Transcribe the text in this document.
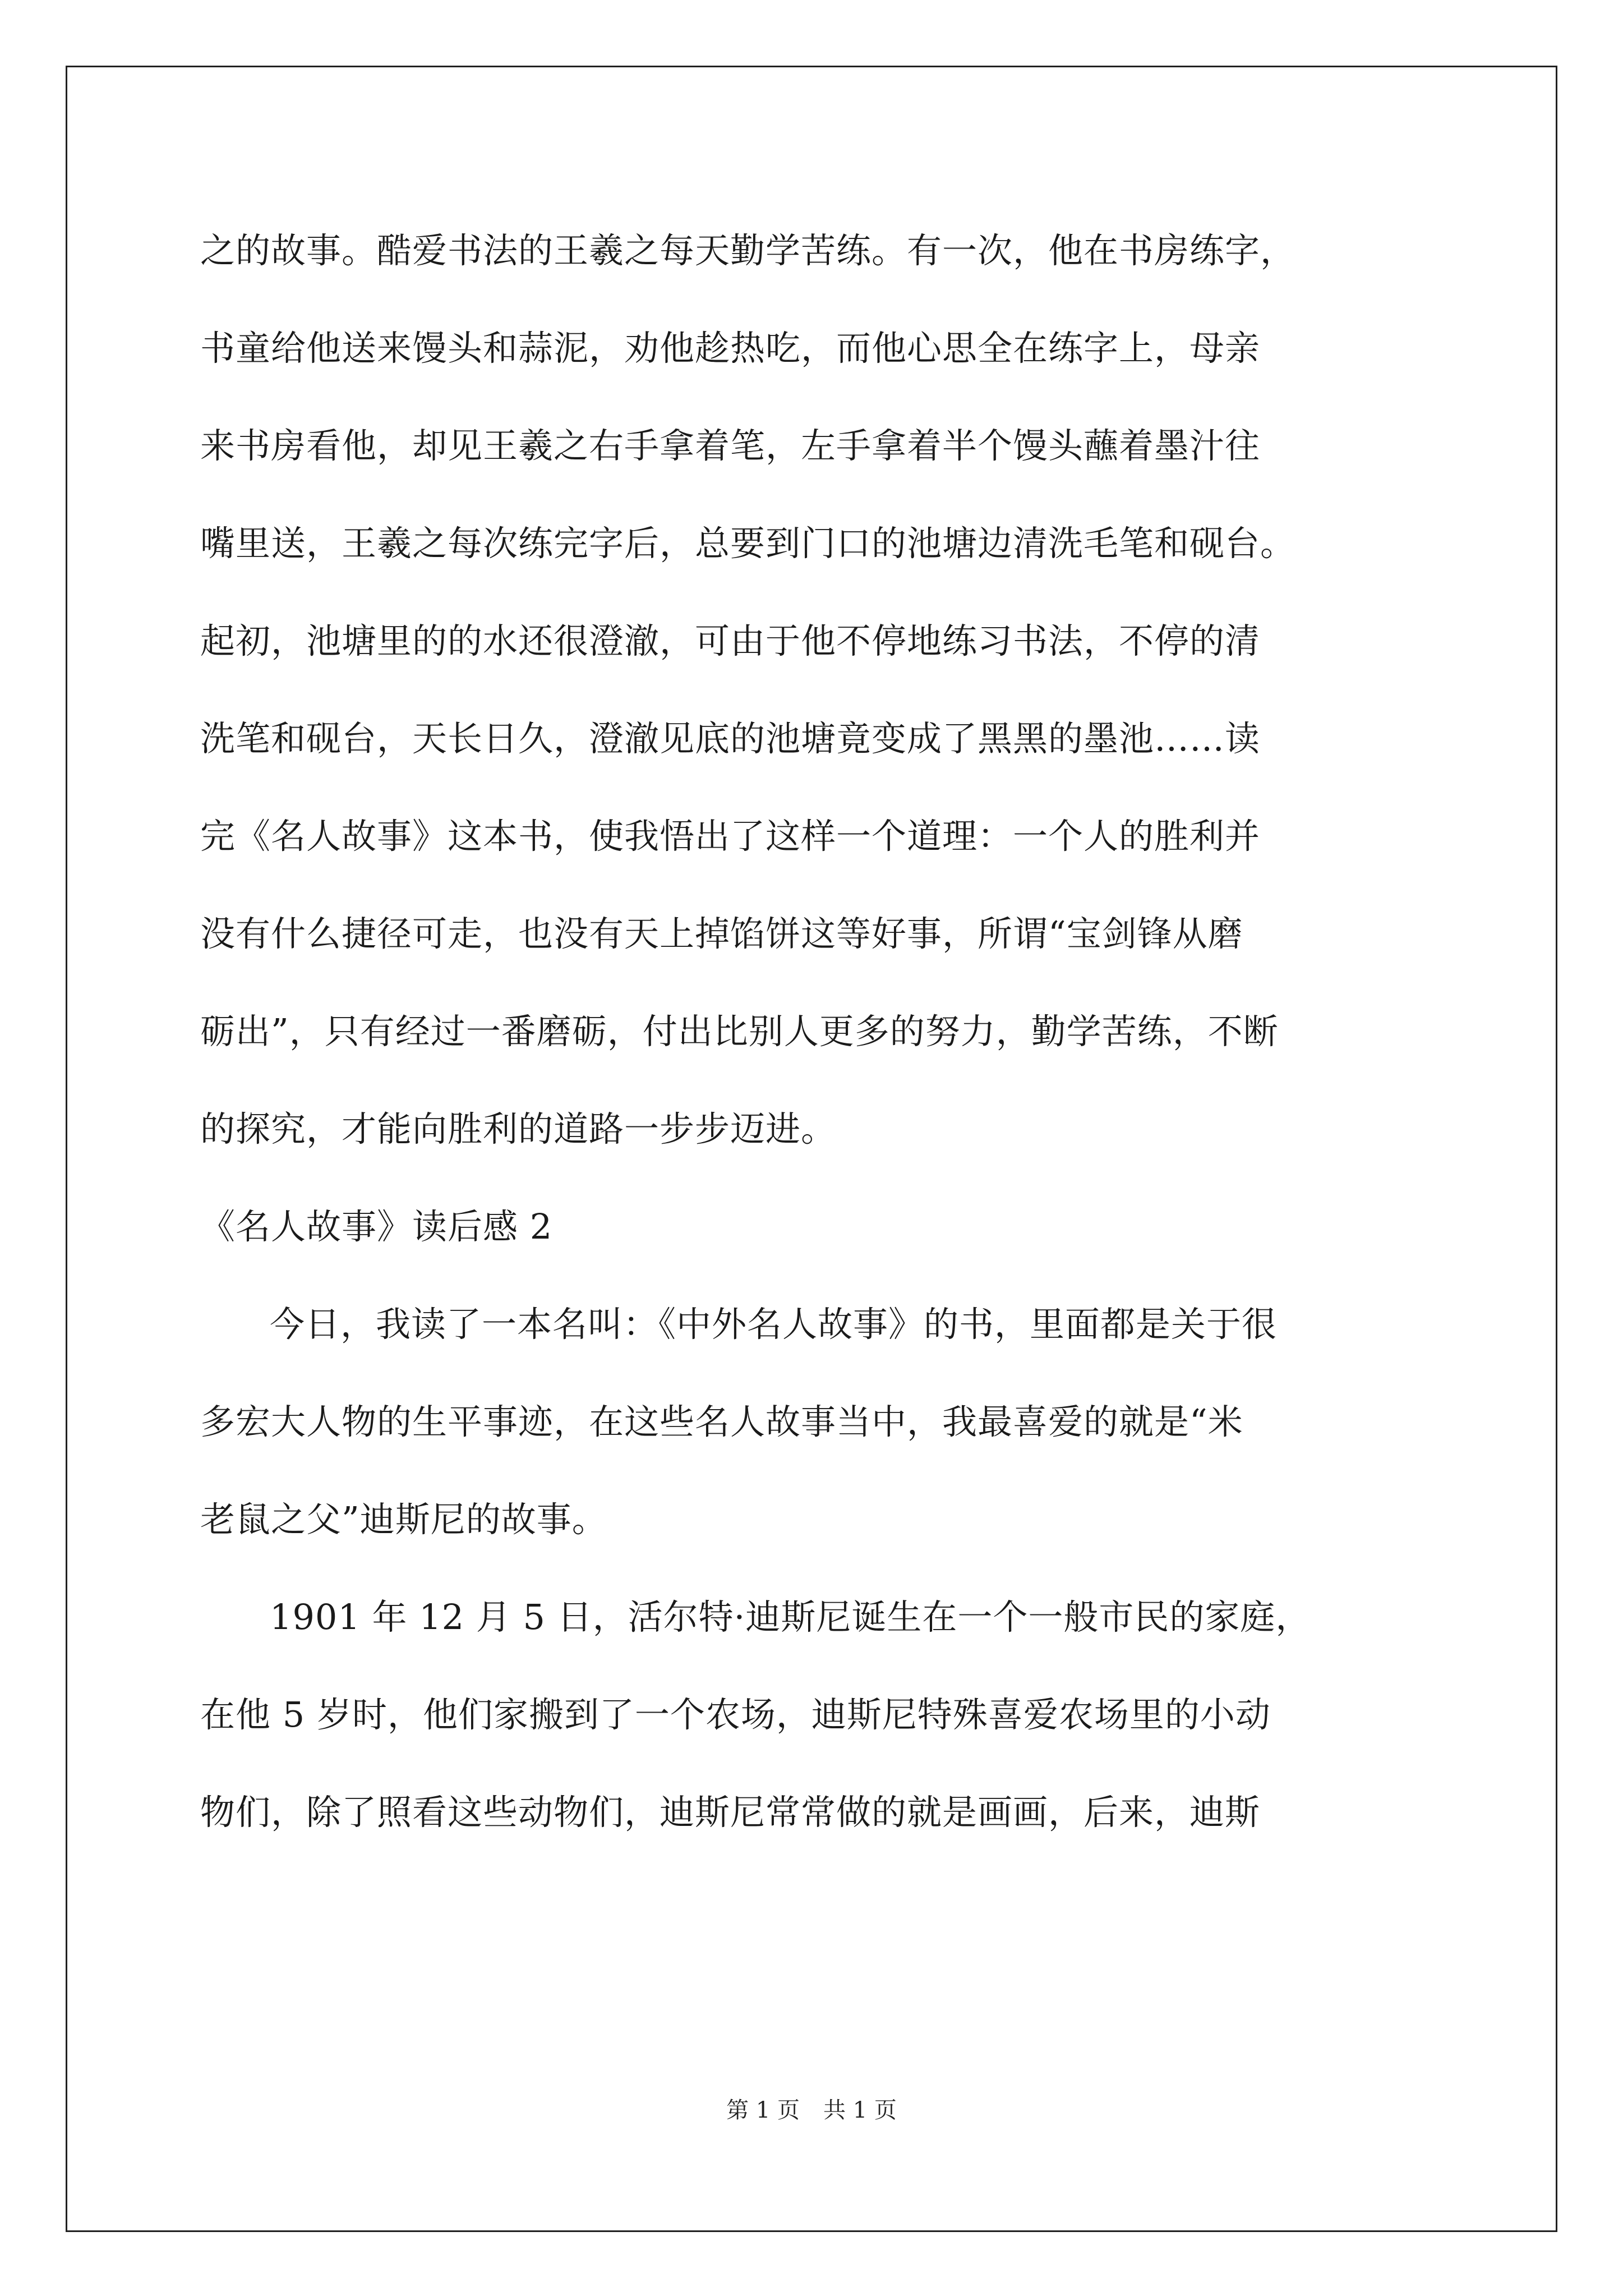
之的故事。酷爱书法的王羲之每天勤学苦练。有一次，他在书房练字，
书童给他送来馒头和蒜泥，劝他趁热吃，而他心思全在练字上，母亲
来书房看他，却见王羲之右手拿着笔，左手拿着半个馒头蘸着墨汁往
嘴里送，王羲之每次练完字后，总要到门口的池塘边清洗毛笔和砚台。
起初，池塘里的的水还很澄澈，可由于他不停地练习书法，不停的清
洗笔和砚台，天长日久，澄澈见底的池塘竟变成了黑黑的墨池……读
完《名人故事》这本书，使我悟出了这样一个道理：一个人的胜利并
没有什么捷径可走，也没有天上掉馅饼这等好事，所谓“宝剑锋从磨
砺出”，只有经过一番磨砺，付出比别人更多的努力，勤学苦练，不断
的探究，才能向胜利的道路一步步迈进。
《名人故事》读后感 2
今日，我读了一本名叫：《中外名人故事》的书，里面都是关于很
多宏大人物的生平事迹，在这些名人故事当中，我最喜爱的就是“米
老鼠之父”迪斯尼的故事。
1901 年 12 月 5 日，活尔特·迪斯尼诞生在一个一般市民的家庭，
在他 5 岁时，他们家搬到了一个农场，迪斯尼特殊喜爱农场里的小动
物们，除了照看这些动物们，迪斯尼常常做的就是画画，后来，迪斯
第 1 页 共 1 页
